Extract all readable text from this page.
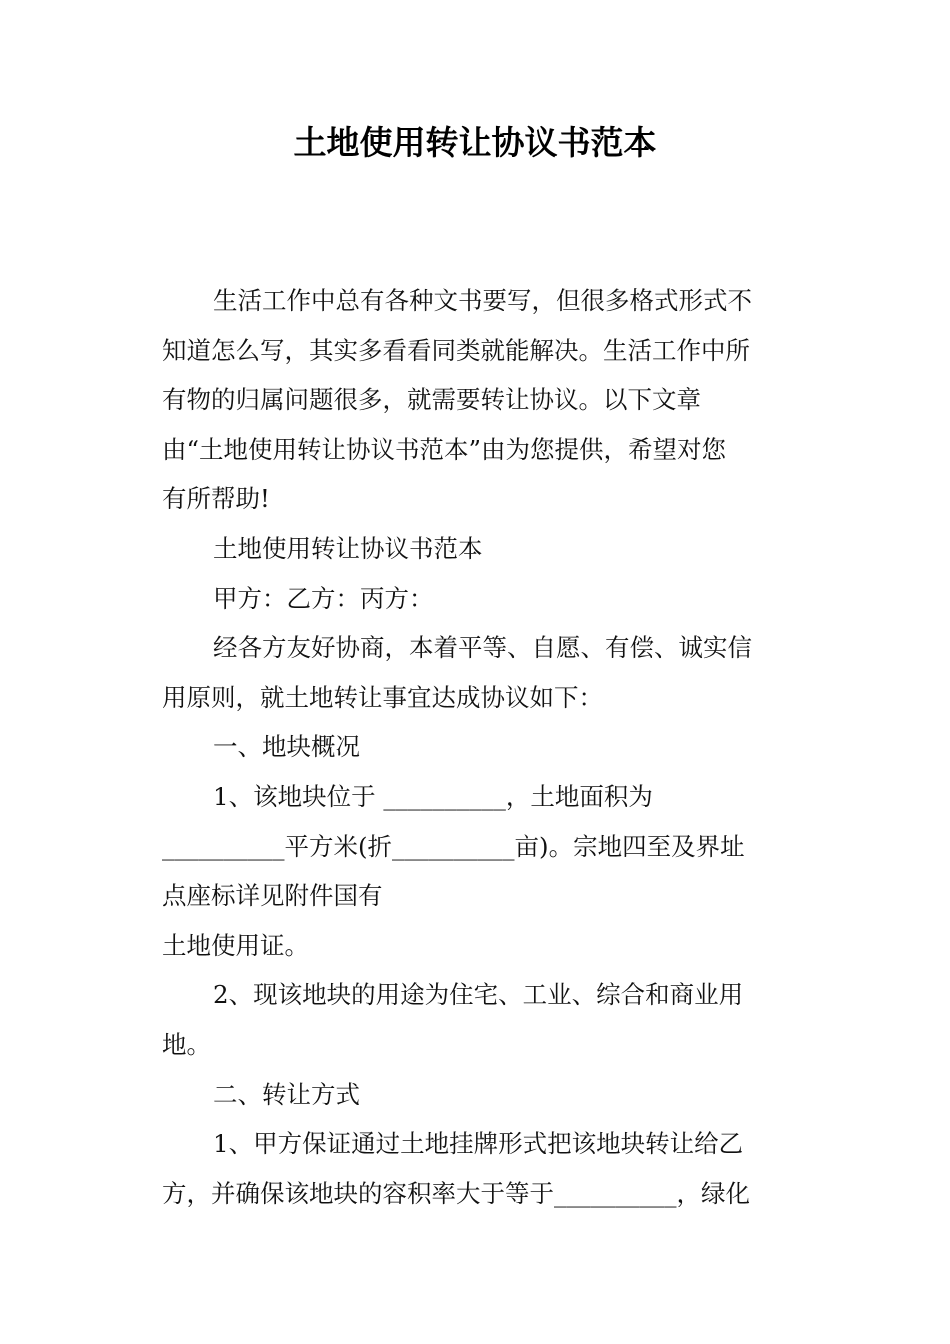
土地使用转让协议书范本
生活工作中总有各种文书要写，但很多格式形式不
知道怎么写，其实多看看同类就能解决。生活工作中所
有物的归属问题很多，就需要转让协议。以下文章
由“土地使用转让协议书范本”由为您提供，希望对您
有所帮助!
土地使用转让协议书范本
甲方：乙方：丙方：
经各方友好协商，本着平等、自愿、有偿、诚实信
用原则，就土地转让事宜达成协议如下：
一、地块概况
1、该地块位于 __________，土地面积为
__________平方米(折__________亩)。宗地四至及界址
点座标详见附件国有
土地使用证。
2、现该地块的用途为住宅、工业、综合和商业用
地。
二、转让方式
1、甲方保证通过土地挂牌形式把该地块转让给乙
方，并确保该地块的容积率大于等于__________，绿化
